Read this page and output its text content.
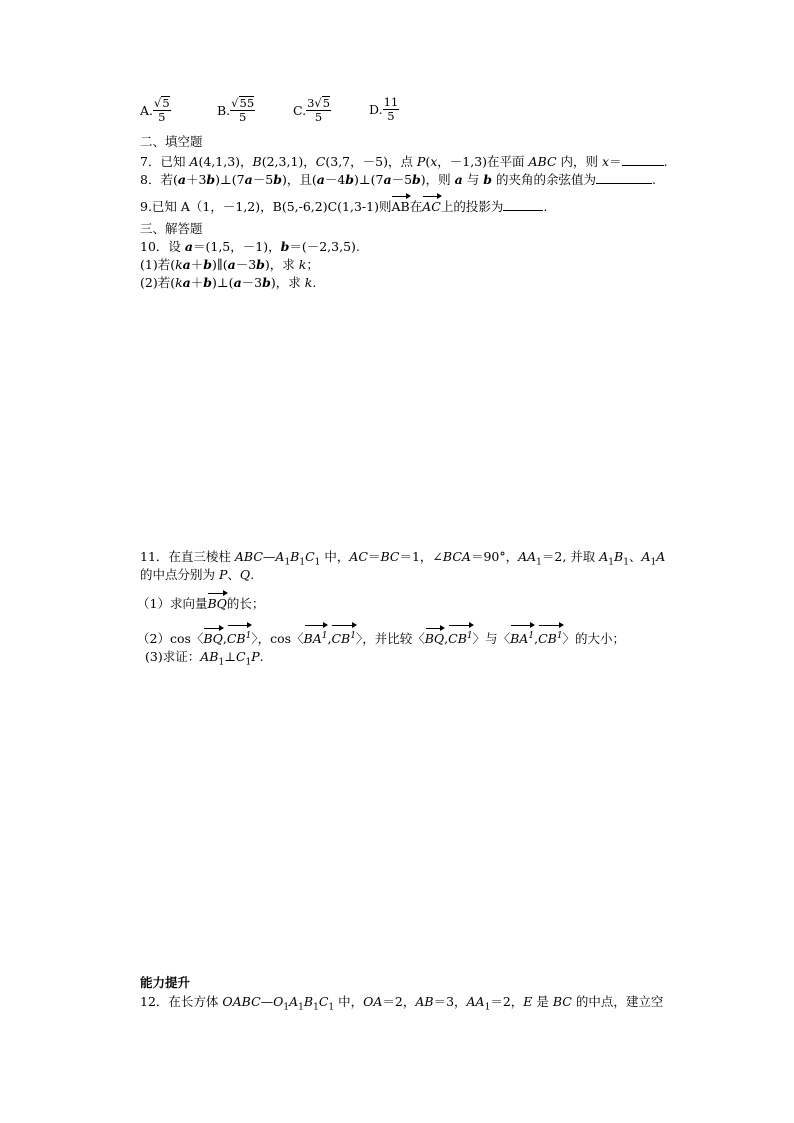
A. $\frac{√ 5}{5}$	B. $\frac{√ 55}{5}$	C. $\frac{3√ 5}{5}$	D. $\frac{11}{5}$
二、填空题
7．已知 A(4,1,3)，B(2,3,1)，C(3,7，－5)，点 P(x，－1,3)在平面 ABC 内，则 x＝	.
8．若(a＋3b)⊥(7a－5b)，且(a－4b)⊥(7a－5b)，则 a 与 b 的夹角的余弦值为	.
9.已知 A（1，－1,2)，B(5,-6,2)C(1,3-1)则AB在AC上的投影为	.
三、解答题
10．设 a＝(1,5，－1)，b＝(－2,3,5).
(1)若(ka＋b)∥(a－3b)，求 k；
(2)若(ka＋b)⊥(a－3b)，求 k.
11．在直三棱柱 $ABC—A_1B_1C_1$ 中，AC＝BC＝1，∠BCA＝90°，$AA_1=2$, 并取 $A_1B_1$、$A_1A$
的中点分别为 P、Q.
（1）求向量BQ的长；
（2）cos〈$BQ,CB^1$〉，cos〈$BA^1,CB^1$〉，并比较〈$BQ,CB^1$〉与〈$BA^1,CB^1$〉的大小；
(3)求证：$AB_1\perp C_1P$.
能力提升
12．在长方体 $OABC—O_1A_1B_1C_1$ 中，OA＝2，AB＝3，$AA_1=2$，E 是 BC 的中点，建立空
